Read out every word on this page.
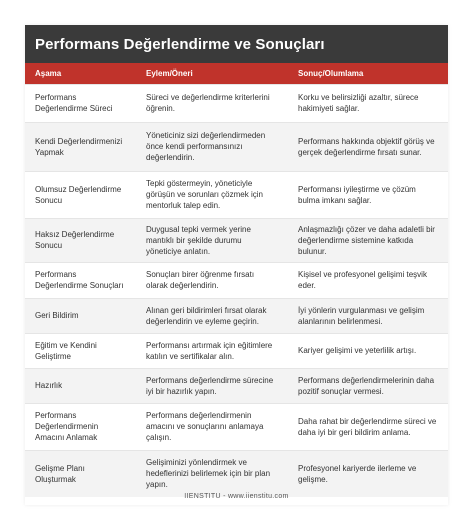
Performans Değerlendirme ve Sonuçları
Aşama	Eylem/Öneri	Sonuç/Olumlama
Performans Değerlendirme Süreci	Süreci ve değerlendirme kriterlerini öğrenin.	Korku ve belirsizliği azaltır, sürece hakimiyeti sağlar.
Kendi Değerlendirmenizi Yapmak	Yöneticiniz sizi değerlendirmeden önce kendi performansınızı değerlendirin.	Performans hakkında objektif görüş ve gerçek değerlendirme fırsatı sunar.
Olumsuz Değerlendirme Sonucu	Tepki göstermeyin, yöneticiyle görüşün ve sorunları çözmek için mentorluk talep edin.	Performansı iyileştirme ve çözüm bulma imkanı sağlar.
Haksız Değerlendirme Sonucu	Duygusal tepki vermek yerine mantıklı bir şekilde durumu yöneticiye anlatın.	Anlaşmazlığı çözer ve daha adaletli bir değerlendirme sistemine katkıda bulunur.
Performans Değerlendirme Sonuçları	Sonuçları birer öğrenme fırsatı olarak değerlendirin.	Kişisel ve profesyonel gelişimi teşvik eder.
Geri Bildirim	Alınan geri bildirimleri fırsat olarak değerlendirin ve eyleme geçirin.	İyi yönlerin vurgulanması ve gelişim alanlarının belirlenmesi.
Eğitim ve Kendini Geliştirme	Performansı artırmak için eğitimlere katılın ve sertifikalar alın.	Kariyer gelişimi ve yeterlilik artışı.
Hazırlık	Performans değerlendirme sürecine iyi bir hazırlık yapın.	Performans değerlendirmelerinin daha pozitif sonuçlar vermesi.
Performans Değerlendirmenin Amacını Anlamak	Performans değerlendirmenin amacını ve sonuçlarını anlamaya çalışın.	Daha rahat bir değerlendirme süreci ve daha iyi bir geri bildirim anlama.
Gelişme Planı Oluşturmak	Gelişiminizi yönlendirmek ve hedeflerinizi belirlemek için bir plan yapın.	Profesyonel kariyerde ilerleme ve gelişme.
IIENSTITU - www.iienstitu.com
